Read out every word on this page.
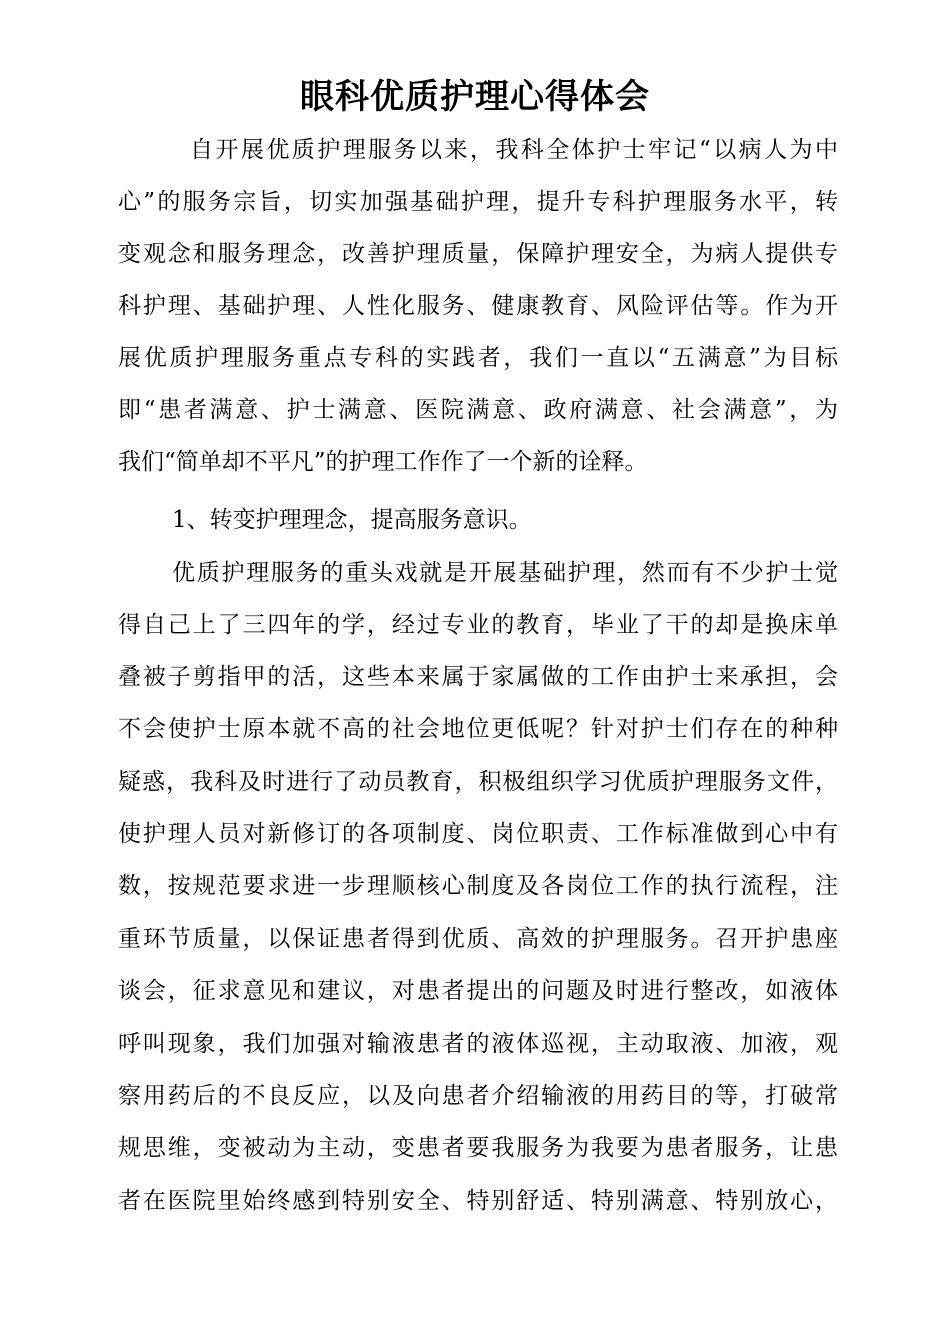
眼科优质护理心得体会
自开展优质护理服务以来，我科全体护士牢记“以病人为中
心”的服务宗旨，切实加强基础护理，提升专科护理服务水平，转
变观念和服务理念，改善护理质量，保障护理安全，为病人提供专
科护理、基础护理、人性化服务、健康教育、风险评估等。作为开
展优质护理服务重点专科的实践者，我们一直以“五满意”为目标
即“患者满意、护士满意、医院满意、政府满意、社会满意”，为
我们“简单却不平凡”的护理工作作了一个新的诠释。
1、转变护理理念，提高服务意识。
优质护理服务的重头戏就是开展基础护理，然而有不少护士觉
得自己上了三四年的学，经过专业的教育，毕业了干的却是换床单
叠被子剪指甲的活，这些本来属于家属做的工作由护士来承担，会
不会使护士原本就不高的社会地位更低呢？针对护士们存在的种种
疑惑，我科及时进行了动员教育，积极组织学习优质护理服务文件，
使护理人员对新修订的各项制度、岗位职责、工作标准做到心中有
数，按规范要求进一步理顺核心制度及各岗位工作的执行流程，注
重环节质量，以保证患者得到优质、高效的护理服务。召开护患座
谈会，征求意见和建议，对患者提出的问题及时进行整改，如液体
呼叫现象，我们加强对输液患者的液体巡视，主动取液、加液，观
察用药后的不良反应，以及向患者介绍输液的用药目的等，打破常
规思维，变被动为主动，变患者要我服务为我要为患者服务，让患
者在医院里始终感到特别安全、特别舒适、特别满意、特别放心，
